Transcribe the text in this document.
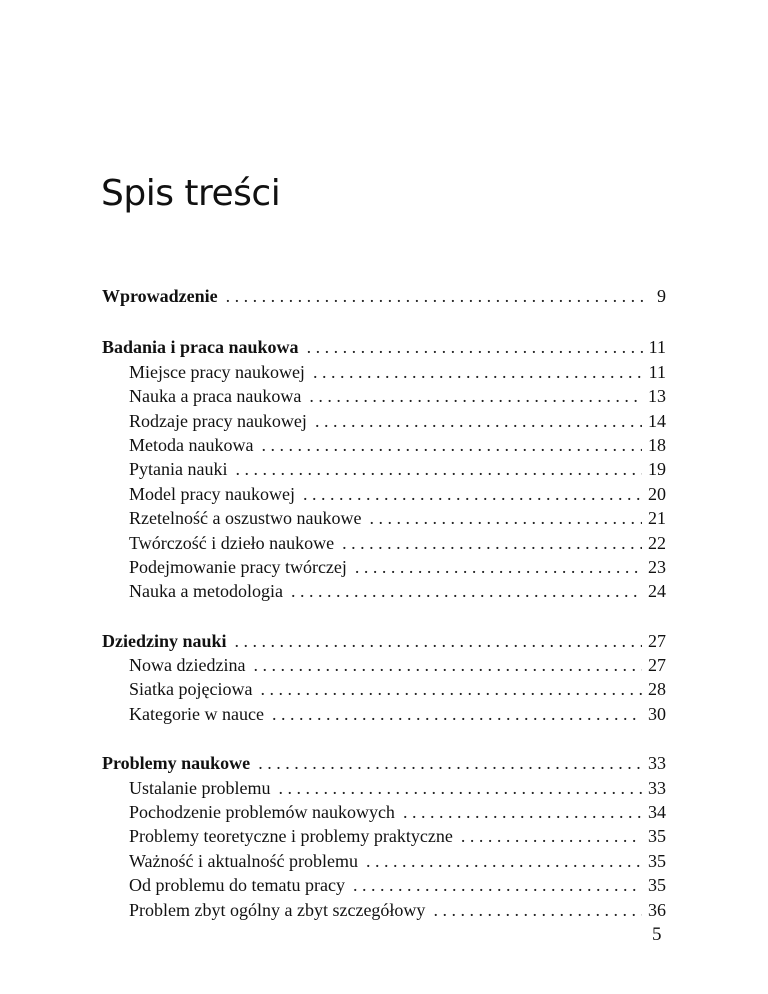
Spis treści
Wprowadzenie . . .	9
Badania i praca naukowa . . .	11
Miejsce pracy naukowej . . .	11
Nauka a praca naukowa . . .	13
Rodzaje pracy naukowej . . .	14
Metoda naukowa . . .	18
Pytania nauki . . .	19
Model pracy naukowej . . .	20
Rzetelność a oszustwo naukowe . . .	21
Twórczość i dzieło naukowe . . .	22
Podejmowanie pracy twórczej . . .	23
Nauka a metodologia . . .	24
Dziedziny nauki . . .	27
Nowa dziedzina . . .	27
Siatka pojęciowa . . .	28
Kategorie w nauce . . .	30
Problemy naukowe . . .	33
Ustalanie problemu . . .	33
Pochodzenie problemów naukowych . . .	34
Problemy teoretyczne i problemy praktyczne . . .	35
Ważność i aktualność problemu . . .	35
Od problemu do tematu pracy . . .	35
Problem zbyt ogólny a zbyt szczegółowy . . .	36
5
